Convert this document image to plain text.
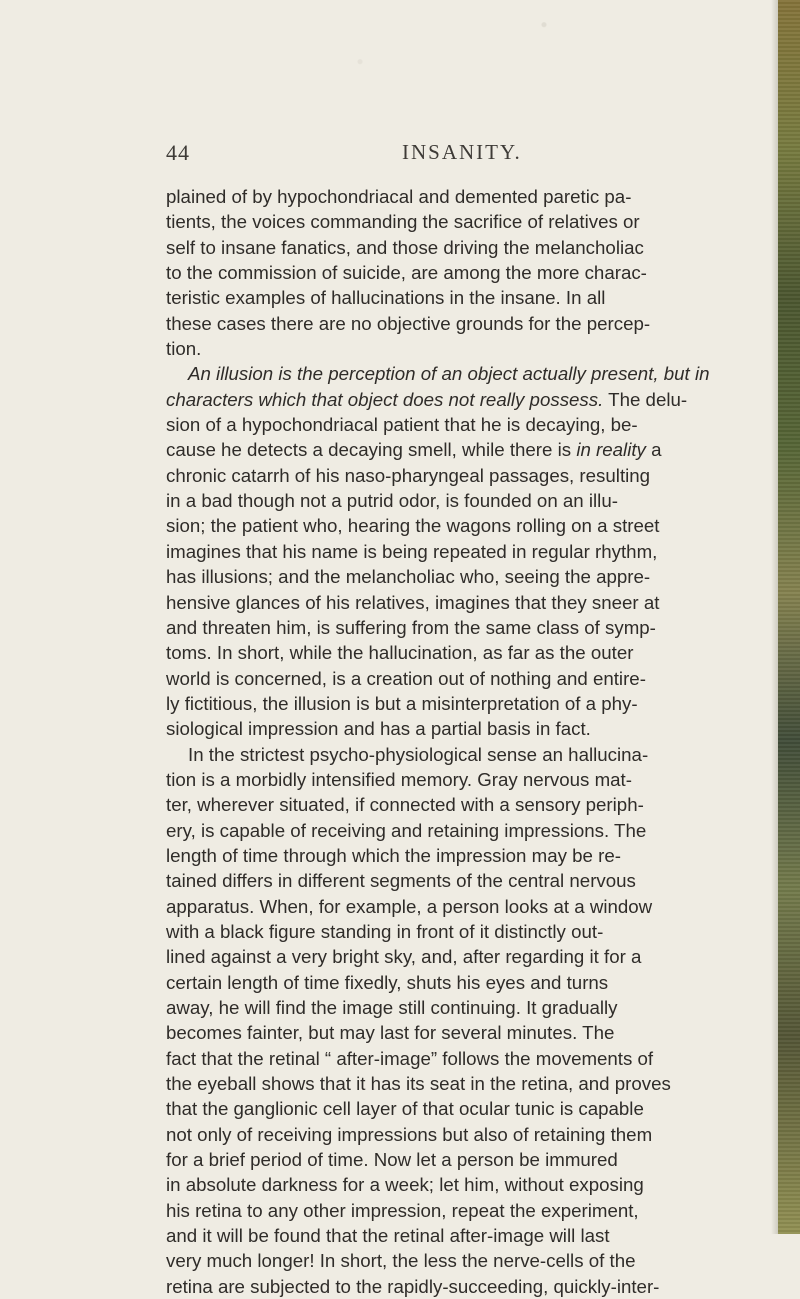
44	INSANITY.

plained of by hypochondriacal and demented paretic pa-
tients, the voices commanding the sacrifice of relatives or
self to insane fanatics, and those driving the melancholiac
to the commission of suicide, are among the more charac-
teristic examples of hallucinations in the insane. In all
these cases there are no objective grounds for the percep-
tion.

An illusion is the perception of an object actually present, but in
characters which that object does not really possess. The delu-
sion of a hypochondriacal patient that he is decaying, be-
cause he detects a decaying smell, while there is in reality a
chronic catarrh of his naso-pharyngeal passages, resulting
in a bad though not a putrid odor, is founded on an illu-
sion; the patient who, hearing the wagons rolling on a street
imagines that his name is being repeated in regular rhythm,
has illusions; and the melancholiac who, seeing the appre-
hensive glances of his relatives, imagines that they sneer at
and threaten him, is suffering from the same class of symp-
toms. In short, while the hallucination, as far as the outer
world is concerned, is a creation out of nothing and entire-
ly fictitious, the illusion is but a misinterpretation of a phy-
siological impression and has a partial basis in fact.

In the strictest psycho-physiological sense an hallucina-
tion is a morbidly intensified memory. Gray nervous mat-
ter, wherever situated, if connected with a sensory periph-
ery, is capable of receiving and retaining impressions. The
length of time through which the impression may be re-
tained differs in different segments of the central nervous
apparatus. When, for example, a person looks at a window
with a black figure standing in front of it distinctly out-
lined against a very bright sky, and, after regarding it for a
certain length of time fixedly, shuts his eyes and turns
away, he will find the image still continuing. It gradually
becomes fainter, but may last for several minutes. The
fact that the retinal “ after-image” follows the movements of
the eyeball shows that it has its seat in the retina, and proves
that the ganglionic cell layer of that ocular tunic is capable
not only of receiving impressions but also of retaining them
for a brief period of time. Now let a person be immured
in absolute darkness for a week; let him, without exposing
his retina to any other impression, repeat the experiment,
and it will be found that the retinal after-image will last
very much longer! In short, the less the nerve-cells of the
retina are subjected to the rapidly-succeeding, quickly-inter-
